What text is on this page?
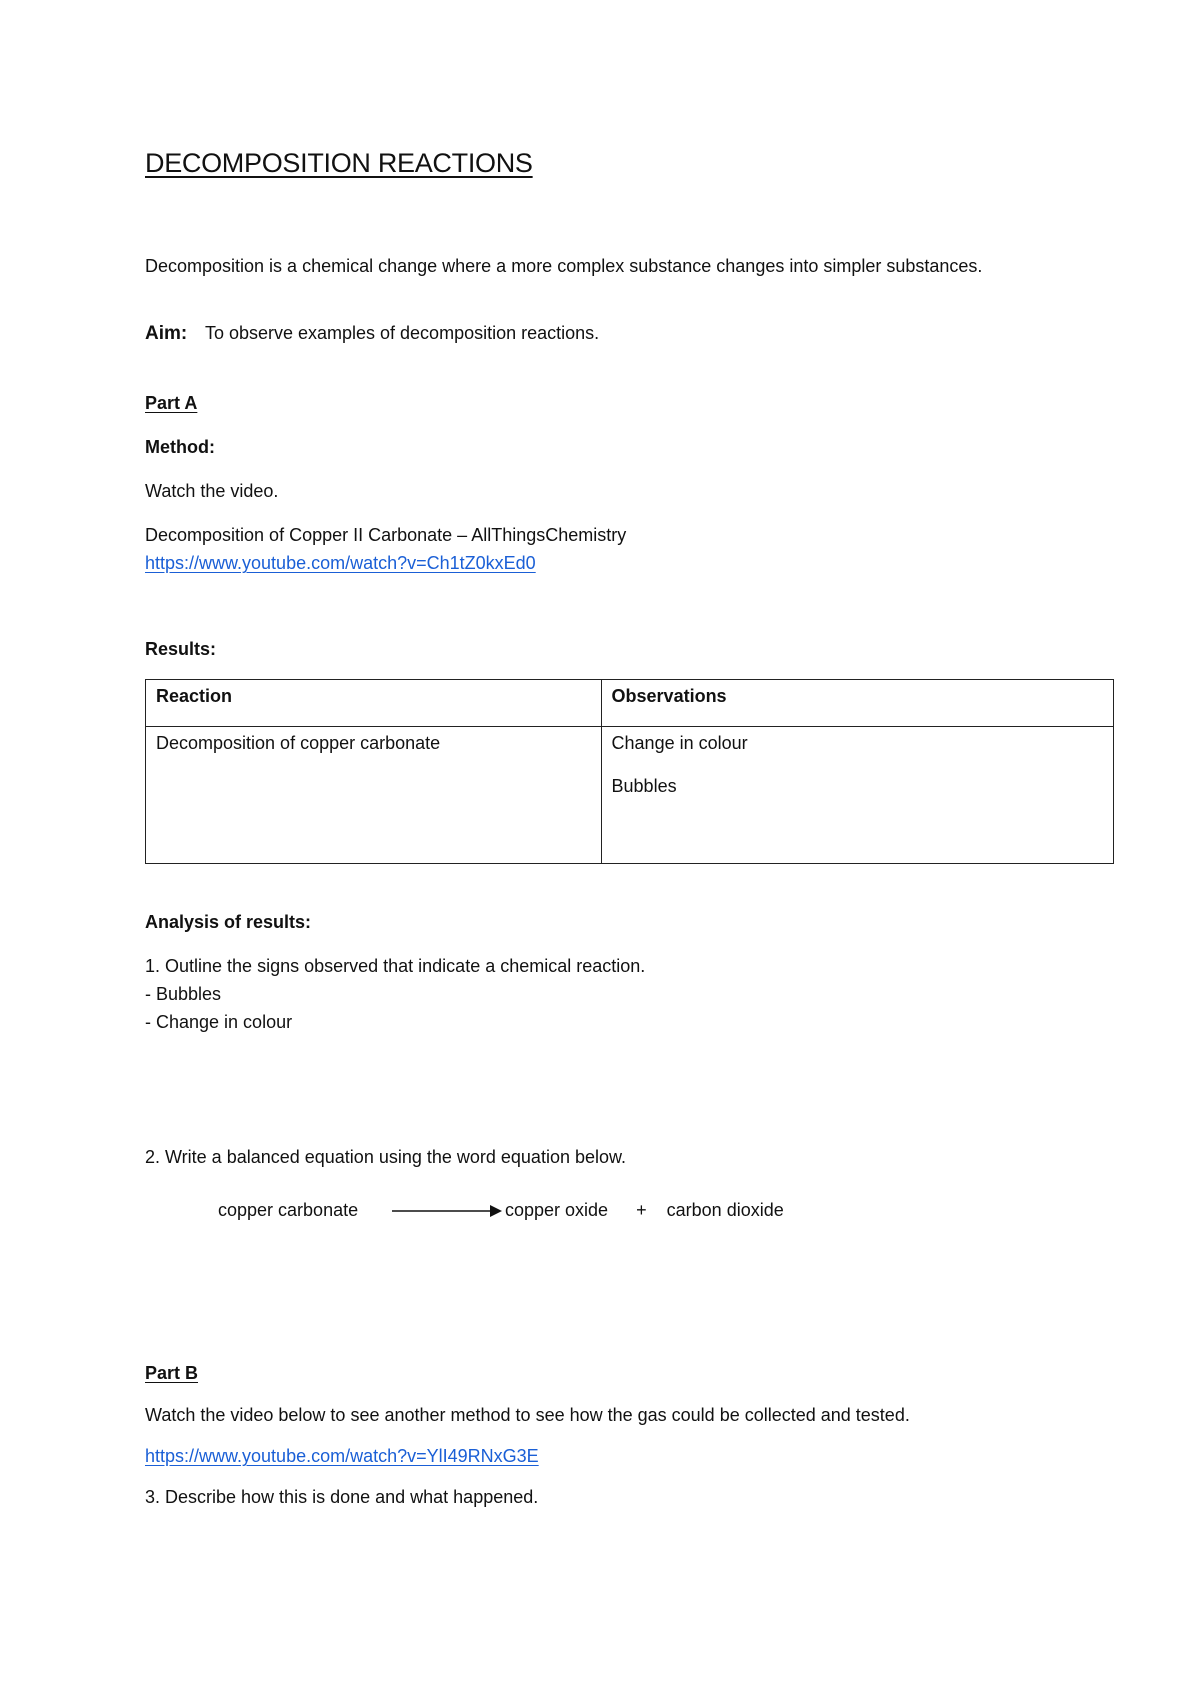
DECOMPOSITION REACTIONS
Decomposition is a chemical change where a more complex substance changes into simpler substances.
Aim: To observe examples of decomposition reactions.
Part A
Method:
Watch the video.
Decomposition of Copper II Carbonate – AllThingsChemistry
https://www.youtube.com/watch?v=Ch1tZ0kxEd0
Results:
Reaction	Observations
Decomposition of copper carbonate	Change in colour
Bubbles
Analysis of results:
1. Outline the signs observed that indicate a chemical reaction.
- Bubbles
- Change in colour
2. Write a balanced equation using the word equation below.
copper carbonate	copper oxide + carbon dioxide
Part B
Watch the video below to see another method to see how the gas could be collected and tested.
https://www.youtube.com/watch?v=YlI49RNxG3E
3. Describe how this is done and what happened.
